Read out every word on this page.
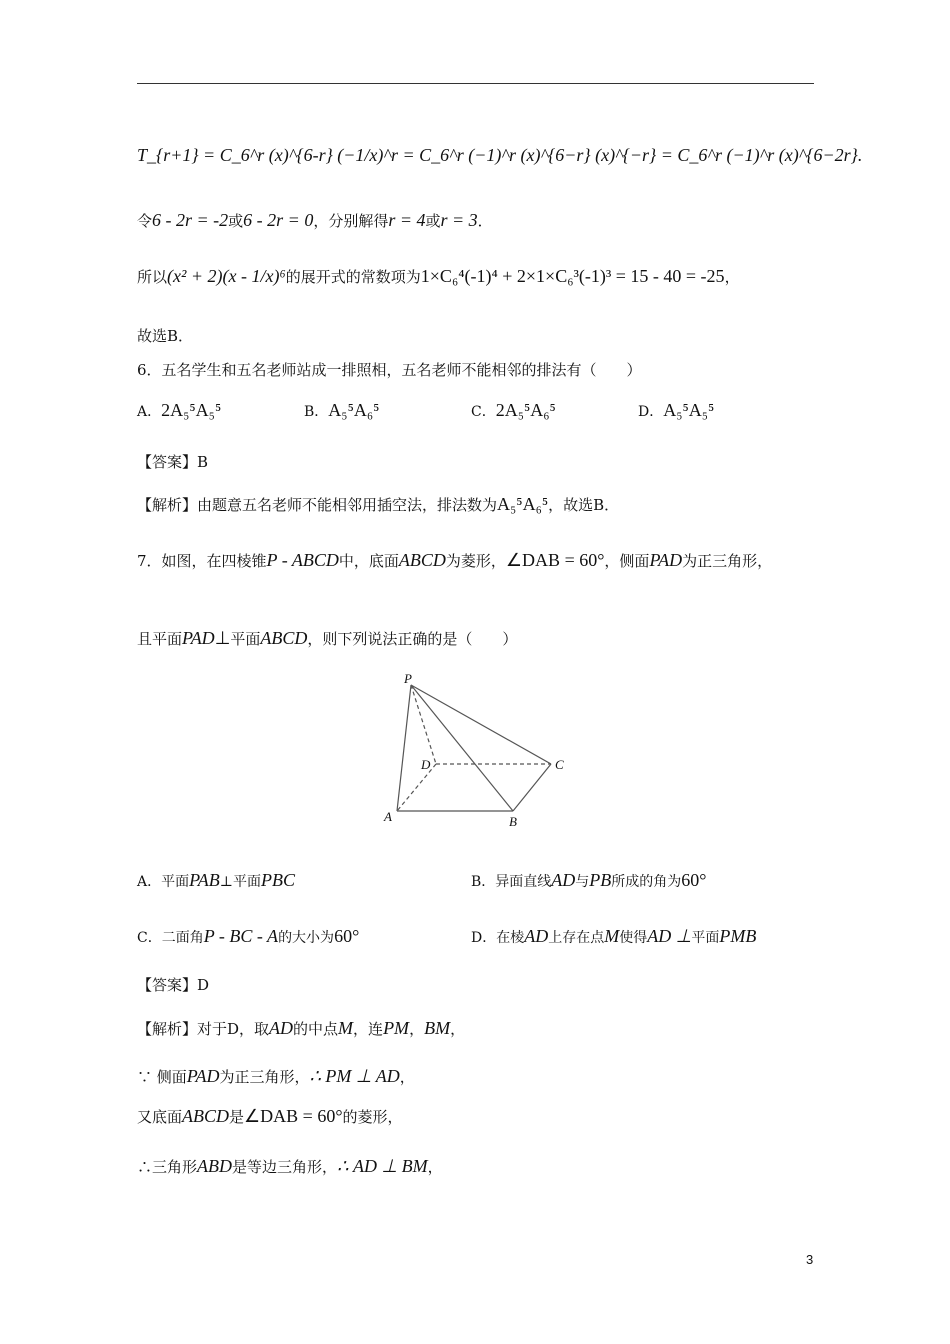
T_{r+1} = C_6^r (x)^{6-r} (−1/x)^r = C_6^r (−1)^r (x)^{6−r} (x)^{−r} = C_6^r (−1)^r (x)^{6−2r}.
令6 - 2r = -2或6 - 2r = 0，分别解得r = 4或r = 3．
所以(x² + 2)(x - 1/x)⁶的展开式的常数项为1×C₆⁴(-1)⁴ + 2×1×C₆³(-1)³ = 15 - 40 = -25，
故选B．
6．五名学生和五名老师站成一排照相，五名老师不能相邻的排法有（　　）
A．2A₅⁵A₅⁵	B．A₅⁵A₆⁵	C．2A₅⁵A₆⁵	D．A₅⁵A₅⁵
【答案】B
【解析】由题意五名老师不能相邻用插空法，排法数为A₅⁵A₆⁵，故选B．
7．如图，在四棱锥P - ABCD中，底面ABCD为菱形，∠DAB = 60°，侧面PAD为正三角形，
且平面PAD⊥平面ABCD，则下列说法正确的是（　　）
P
A	B
C
D
A．平面PAB⊥平面PBC	B．异面直线AD与PB所成的角为60°
C．二面角P - BC - A的大小为60°	D．在棱AD上存在点M使得AD ⊥平面PMB
【答案】D
【解析】对于D，取AD的中点M，连PM，BM，
∵ 侧面PAD为正三角形，∴ PM ⊥ AD，
又底面ABCD是∠DAB = 60°的菱形，
∴三角形ABD是等边三角形，∴ AD ⊥ BM，
3
